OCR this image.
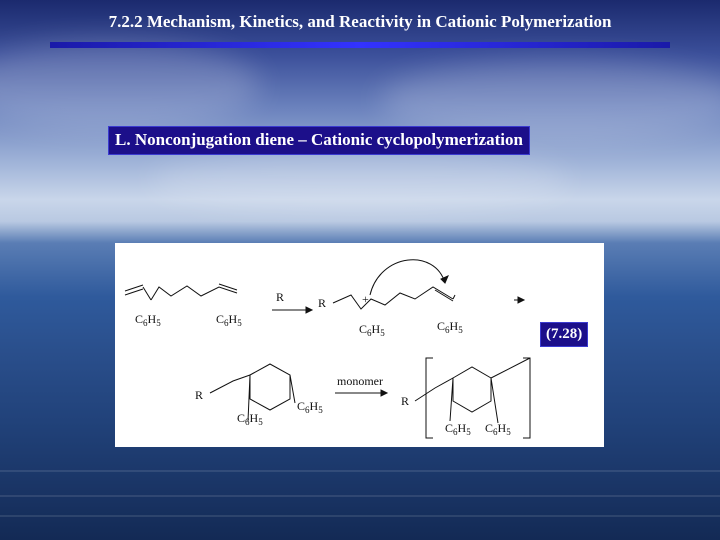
7.2.2 Mechanism, Kinetics, and Reactivity in Cationic Polymerization
L. Nonconjugation diene – Cationic cyclopolymerization
$C_6H_5$	$C_6H_5$
R	R	+
$C_6H_5$	$C_6H_5$
R
$C_6H_5$
$C_6H_5$
monomer
R
$C_6H_5$ $C_6H_5$
(7.28)
